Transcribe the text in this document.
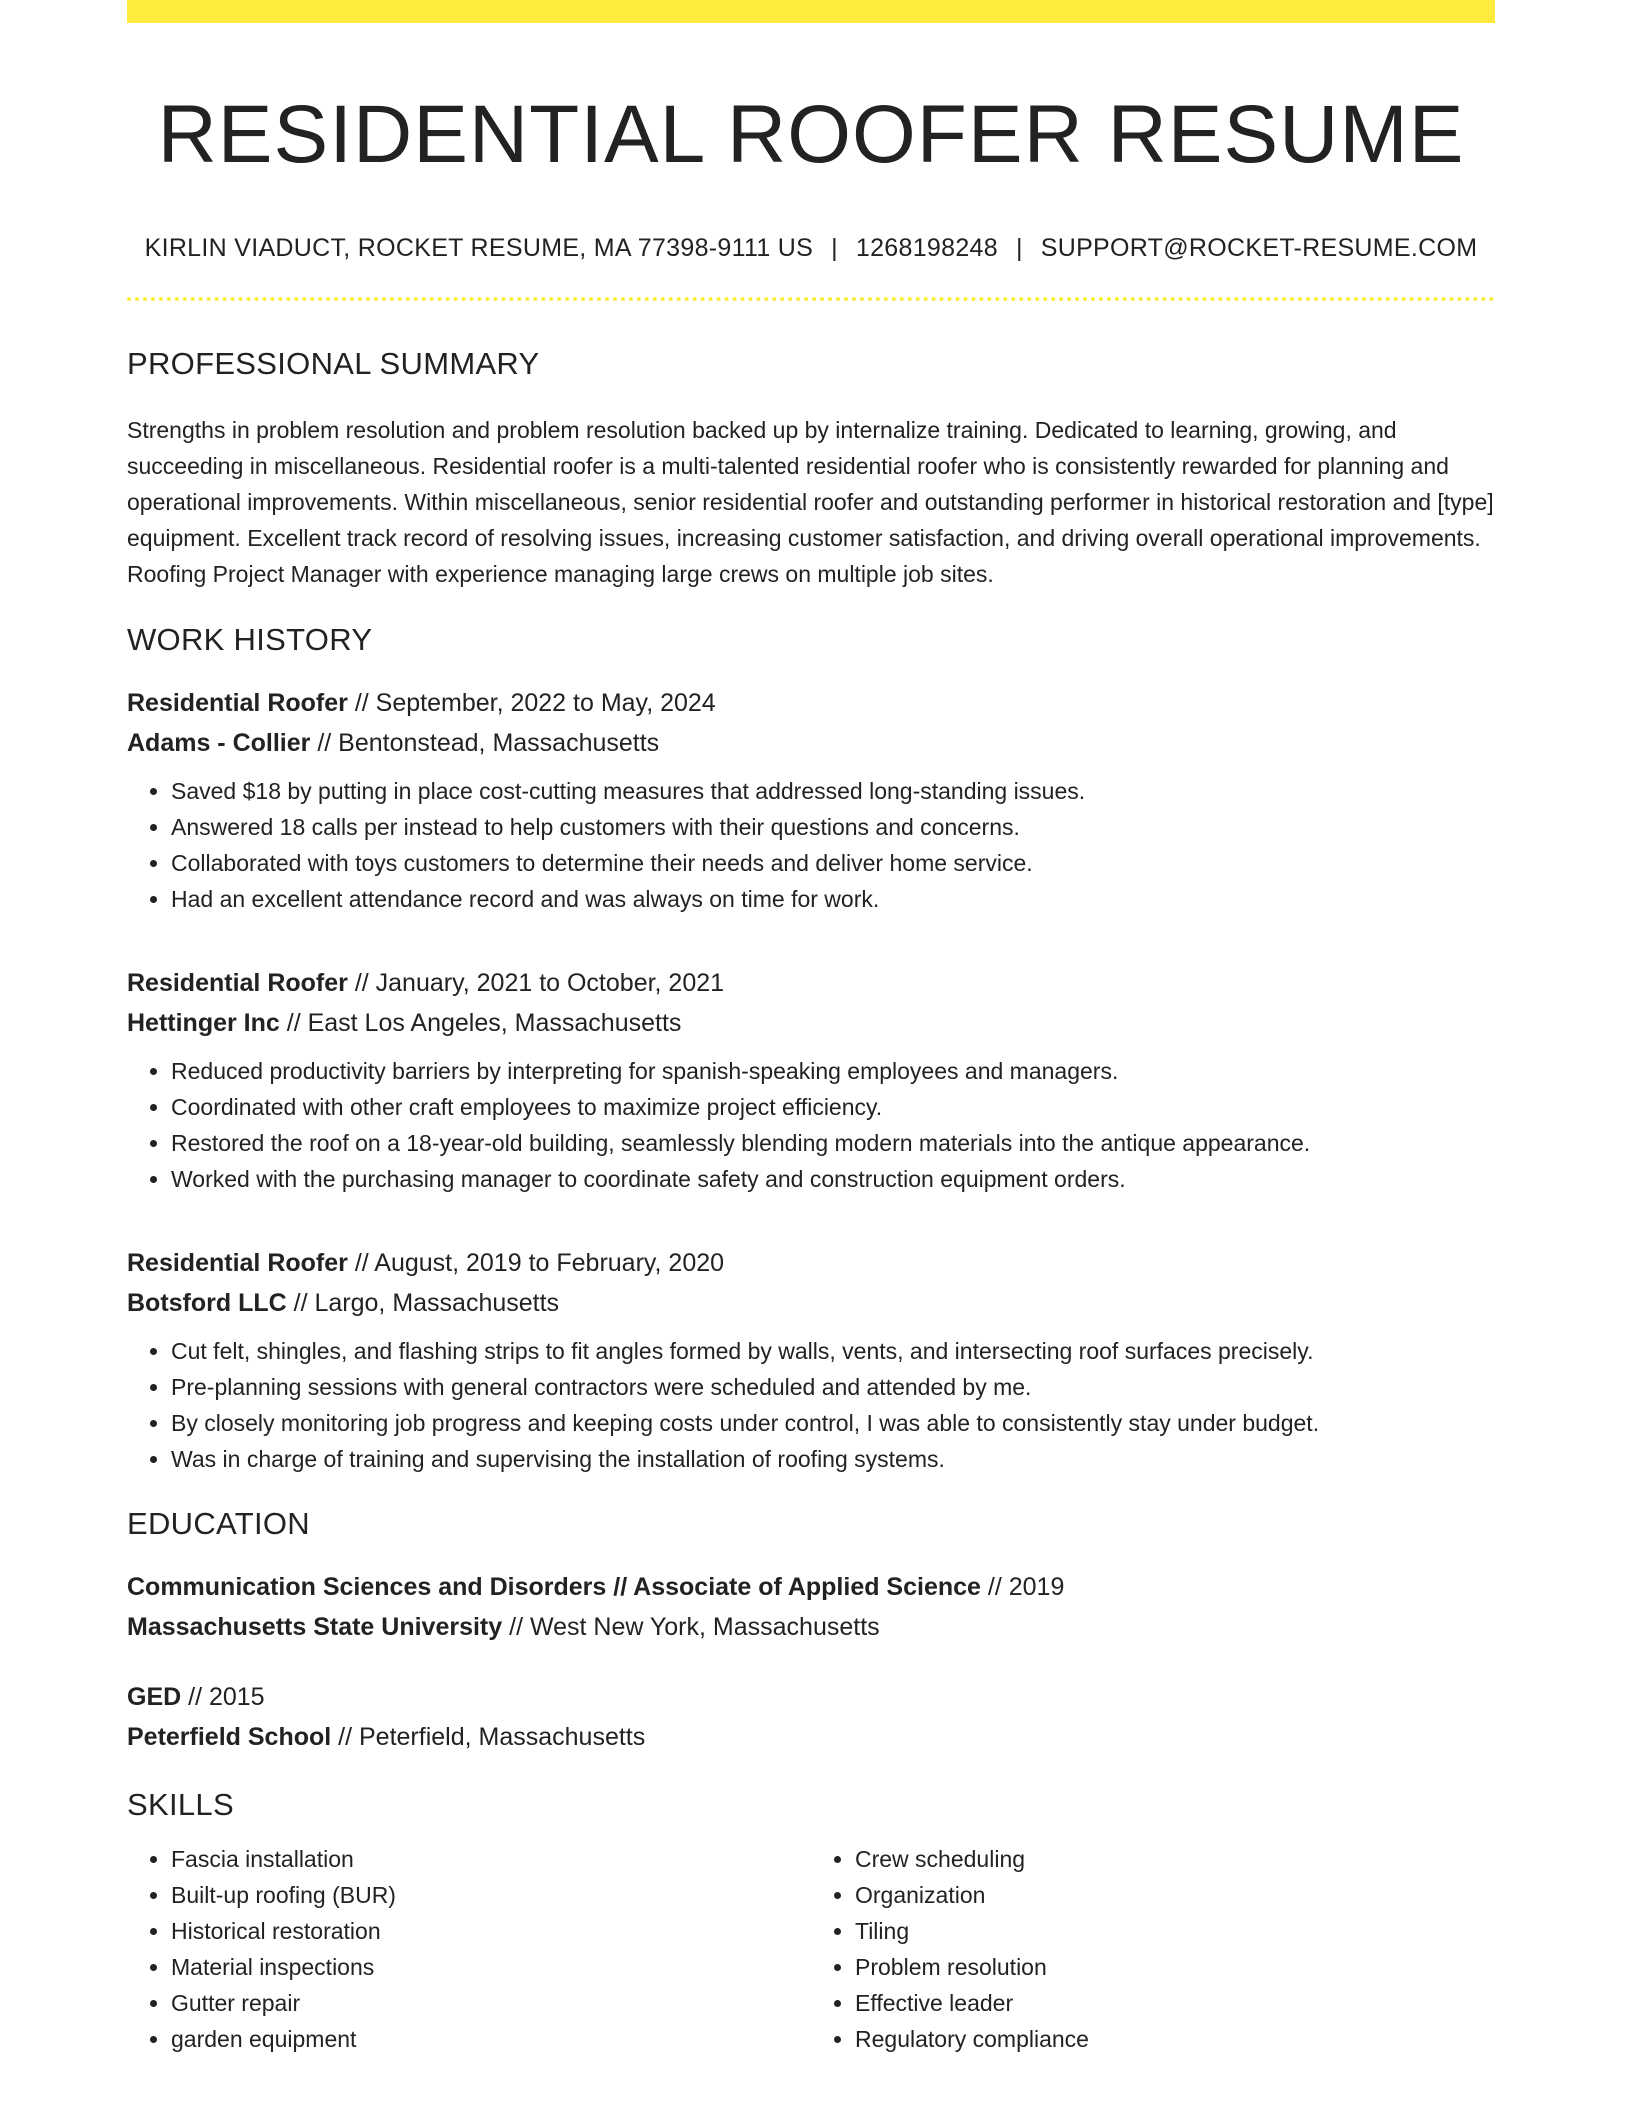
RESIDENTIAL ROOFER RESUME
KIRLIN VIADUCT, ROCKET RESUME, MA 77398-9111 US | 1268198248 | SUPPORT@ROCKET-RESUME.COM
PROFESSIONAL SUMMARY

Strengths in problem resolution and problem resolution backed up by internalize training. Dedicated to learning, growing, and succeeding in miscellaneous. Residential roofer is a multi-talented residential roofer who is consistently rewarded for planning and operational improvements. Within miscellaneous, senior residential roofer and outstanding performer in historical restoration and [type] equipment. Excellent track record of resolving issues, increasing customer satisfaction, and driving overall operational improvements. Roofing Project Manager with experience managing large crews on multiple job sites.

WORK HISTORY
Residential Roofer // September, 2022 to May, 2024
Adams - Collier // Bentonstead, Massachusetts
• Saved $18 by putting in place cost-cutting measures that addressed long-standing issues.
• Answered 18 calls per instead to help customers with their questions and concerns.
• Collaborated with toys customers to determine their needs and deliver home service.
• Had an excellent attendance record and was always on time for work.
Residential Roofer // January, 2021 to October, 2021
Hettinger Inc // East Los Angeles, Massachusetts
• Reduced productivity barriers by interpreting for spanish-speaking employees and managers.
• Coordinated with other craft employees to maximize project efficiency.
• Restored the roof on a 18-year-old building, seamlessly blending modern materials into the antique appearance.
• Worked with the purchasing manager to coordinate safety and construction equipment orders.
Residential Roofer // August, 2019 to February, 2020
Botsford LLC // Largo, Massachusetts
• Cut felt, shingles, and flashing strips to fit angles formed by walls, vents, and intersecting roof surfaces precisely.
• Pre-planning sessions with general contractors were scheduled and attended by me.
• By closely monitoring job progress and keeping costs under control, I was able to consistently stay under budget.
• Was in charge of training and supervising the installation of roofing systems.
EDUCATION
Communication Sciences and Disorders // Associate of Applied Science // 2019
Massachusetts State University // West New York, Massachusetts
GED // 2015
Peterfield School // Peterfield, Massachusetts
SKILLS
• Fascia installation
• Built-up roofing (BUR)
• Historical restoration
• Material inspections
• Gutter repair
• garden equipment
• Crew scheduling
• Organization
• Tiling
• Problem resolution
• Effective leader
• Regulatory compliance
